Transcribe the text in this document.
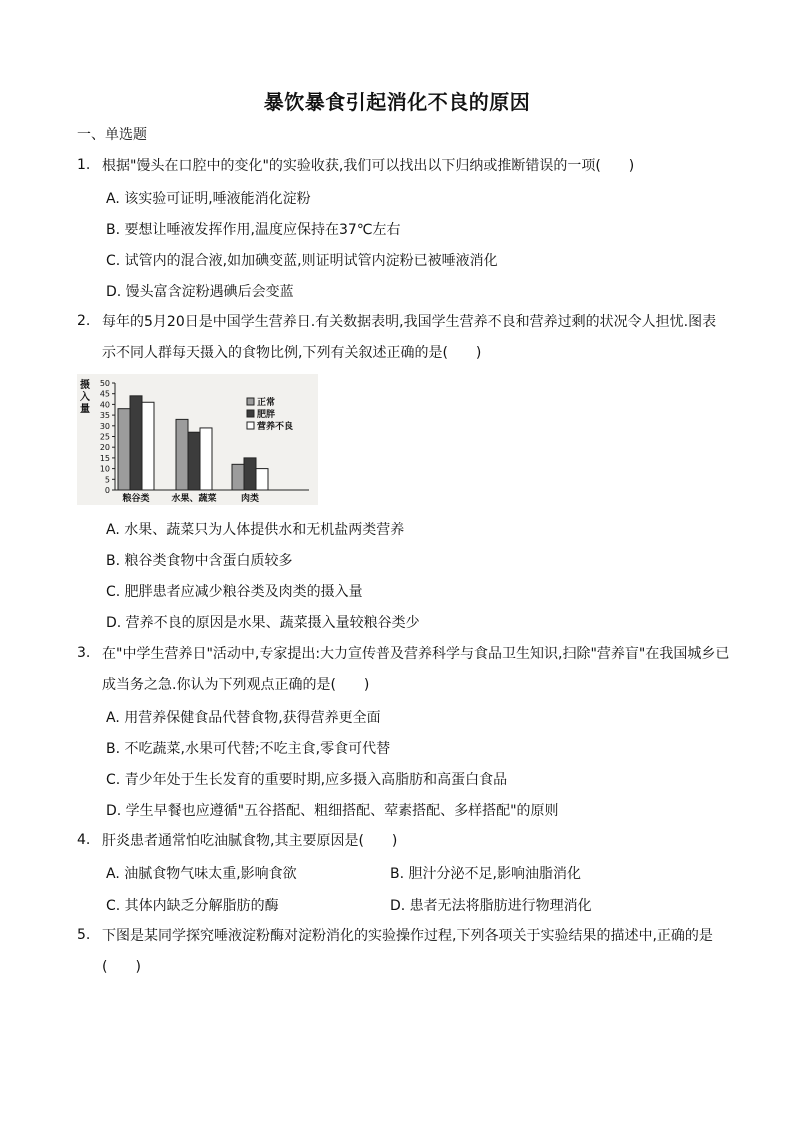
暴饮暴食引起消化不良的原因
一、单选题
1. 根据"馒头在口腔中的变化"的实验收获,我们可以找出以下归纳或推断错误的一项(　　)
A. 该实验可证明,唾液能消化淀粉
B. 要想让唾液发挥作用,温度应保持在37℃左右
C. 试管内的混合液,如加碘变蓝,则证明试管内淀粉已被唾液消化
D. 馒头富含淀粉遇碘后会变蓝
2. 每年的5月20日是中国学生营养日.有关数据表明,我国学生营养不良和营养过剩的状况令人担忧.图表
示不同人群每天摄入的食物比例,下列有关叙述正确的是(　　)
摄
入
量
0
5
10
15
20
25
30
35
40
45
50
粮谷类 水果、蔬菜	肉类
正常
肥胖
营养不良
A. 水果、蔬菜只为人体提供水和无机盐两类营养
B. 粮谷类食物中含蛋白质较多
C. 肥胖患者应减少粮谷类及肉类的摄入量
D. 营养不良的原因是水果、蔬菜摄入量较粮谷类少
3. 在"中学生营养日"活动中,专家提出:大力宣传普及营养科学与食品卫生知识,扫除"营养盲"在我国城乡已
成当务之急.你认为下列观点正确的是(　　)
A. 用营养保健食品代替食物,获得营养更全面
B. 不吃蔬菜,水果可代替;不吃主食,零食可代替
C. 青少年处于生长发育的重要时期,应多摄入高脂肪和高蛋白食品
D. 学生早餐也应遵循"五谷搭配、粗细搭配、荤素搭配、多样搭配"的原则
4. 肝炎患者通常怕吃油腻食物,其主要原因是(　　)
A. 油腻食物气味太重,影响食欲	B. 胆汁分泌不足,影响油脂消化
C. 其体内缺乏分解脂肪的酶	D. 患者无法将脂肪进行物理消化
5. 下图是某同学探究唾液淀粉酶对淀粉消化的实验操作过程,下列各项关于实验结果的描述中,正确的是
(　　)
